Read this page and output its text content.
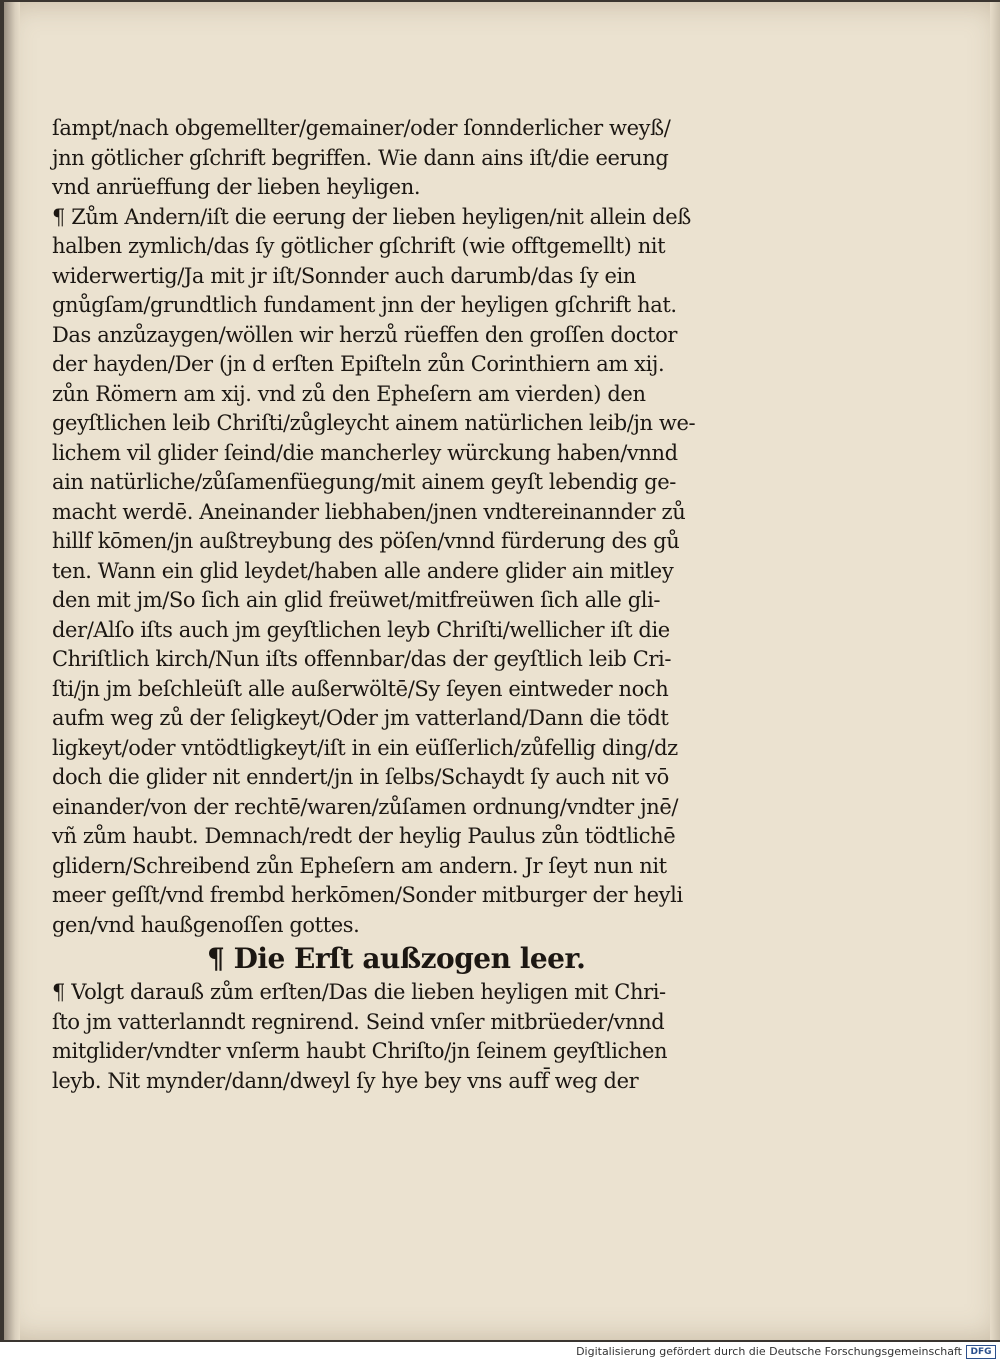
ſampt/nach obgemellter/gemainer/oder ſonnderlicher weyß/
jnn götlicher gſchrift begriffen. Wie dann ains iſt/die eerung
vnd anrüeffung der lieben heyligen.
¶ Zům Andern/iſt die eerung der lieben heyligen/nit allein deß
halben zymlich/das ſy götlicher gſchrift (wie offtgemellt) nit
widerwertig/Ja mit jr iſt/Sonnder auch darumb/das ſy ein
gnůgſam/grundtlich fundament jnn der heyligen gſchrift hat.
Das anzůzaygen/wöllen wir herzů rüeffen den groſſen doctor
der hayden/Der (jn d erſten Epiſteln zůn Corinthiern am xij.
zůn Römern am xij. vnd zů den Epheſern am vierden) den
geyſtlichen leib Chriſti/zůgleycht ainem natürlichen leib/jn we-
lichem vil glider ſeind/die mancherley würckung haben/vnnd
ain natürliche/zůſamenfüegung/mit ainem geyſt lebendig ge-
macht werdē. Aneinander liebhaben/jnen vndtereinannder zů
hillf kōmen/jn außtreybung des pöſen/vnnd fürderung des gů
ten. Wann ein glid leydet/haben alle andere glider ain mitley
den mit jm/So ſich ain glid freüwet/mitfreüwen ſich alle gli-
der/Alſo iſts auch jm geyſtlichen leyb Chriſti/wellicher iſt die
Chriſtlich kirch/Nun iſts offennbar/das der geyſtlich leib Cri-
ſti/jn jm beſchleüſt alle außerwöltē/Sy ſeyen eintweder noch
aufm weg zů der ſeligkeyt/Oder jm vatterland/Dann die tödt
ligkeyt/oder vntödtligkeyt/iſt in ein eüſſerlich/zůfellig ding/dz
doch die glider nit enndert/jn in ſelbs/Schaydt ſy auch nit vō
einander/von der rechtē/waren/zůſamen ordnung/vndter jnē/
vñ zům haubt. Demnach/redt der heylig Paulus zůn tödtlichē
glidern/Schreibend zůn Epheſern am andern. Jr ſeyt nun nit
meer geſſt/vnd frembd herkōmen/Sonder mitburger der heyli
gen/vnd haußgenoſſen gottes.
¶ Die Erſt außzogen leer.
¶ Volgt darauß zům erſten/Das die lieben heyligen mit Chri-
ſto jm vatterlanndt regnirend. Seind vnſer mitbrüeder/vnnd
mitglider/vndter vnſerm haubt Chriſto/jn ſeinem geyſtlichen
leyb. Nit mynder/dann/dweyl ſy hye bey vns auff̄ weg der
Digitalisierung gefördert durch die Deutsche Forschungsgemeinschaft DFG
